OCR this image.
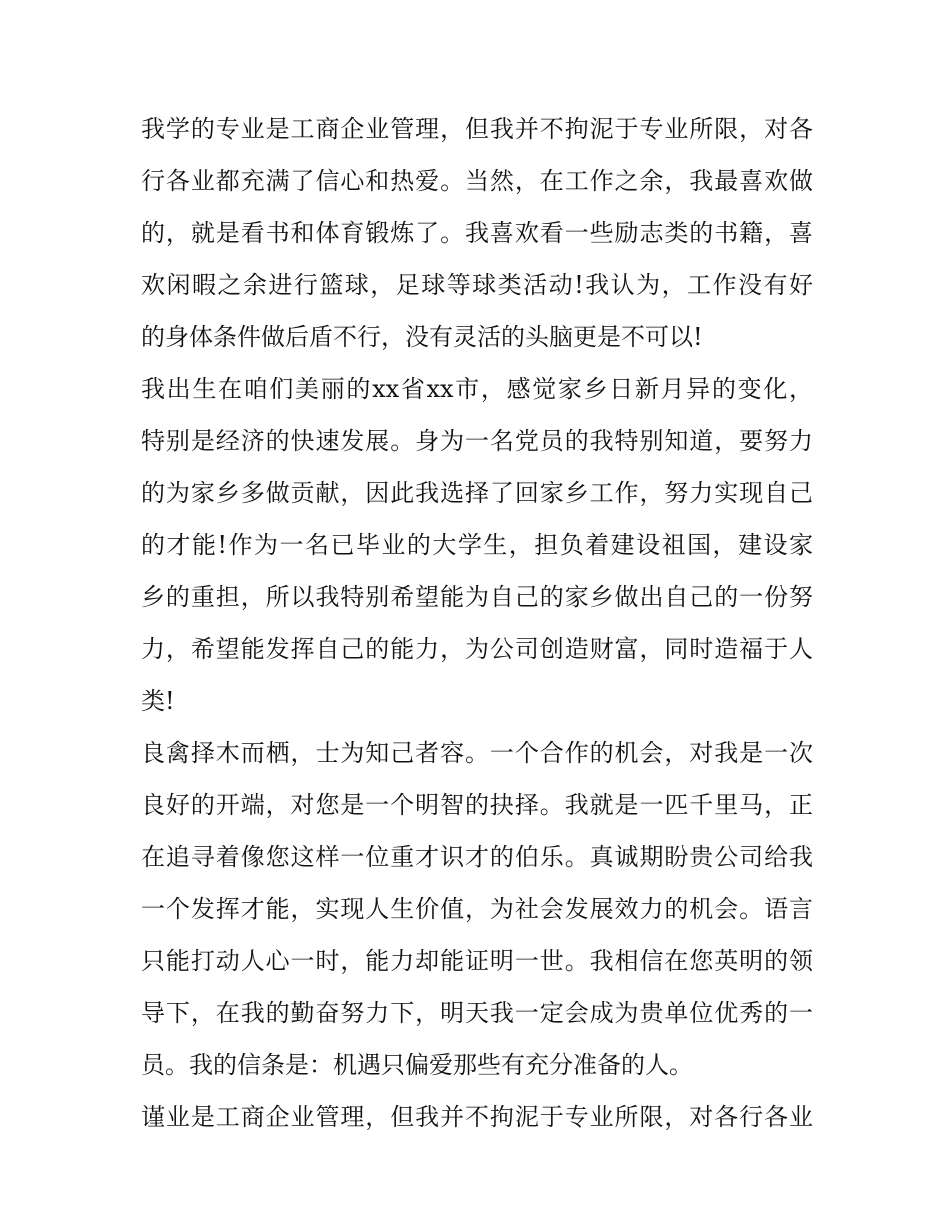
我学的专业是工商企业管理，但我并不拘泥于专业所限，对各
行各业都充满了信心和热爱。当然，在工作之余，我最喜欢做
的，就是看书和体育锻炼了。我喜欢看一些励志类的书籍，喜
欢闲暇之余进行篮球，足球等球类活动!我认为，工作没有好
的身体条件做后盾不行，没有灵活的头脑更是不可以!
我出生在咱们美丽的xx省xx市，感觉家乡日新月异的变化，
特别是经济的快速发展。身为一名党员的我特别知道，要努力
的为家乡多做贡献，因此我选择了回家乡工作，努力实现自己
的才能!作为一名已毕业的大学生，担负着建设祖国，建设家
乡的重担，所以我特别希望能为自己的家乡做出自己的一份努
力，希望能发挥自己的能力，为公司创造财富，同时造福于人
类!
良禽择木而栖，士为知己者容。一个合作的机会，对我是一次
良好的开端，对您是一个明智的抉择。我就是一匹千里马，正
在追寻着像您这样一位重才识才的伯乐。真诚期盼贵公司给我
一个发挥才能，实现人生价值，为社会发展效力的机会。语言
只能打动人心一时，能力却能证明一世。我相信在您英明的领
导下，在我的勤奋努力下，明天我一定会成为贵单位优秀的一
员。我的信条是：机遇只偏爱那些有充分准备的人。
谨业是工商企业管理，但我并不拘泥于专业所限，对各行各业
